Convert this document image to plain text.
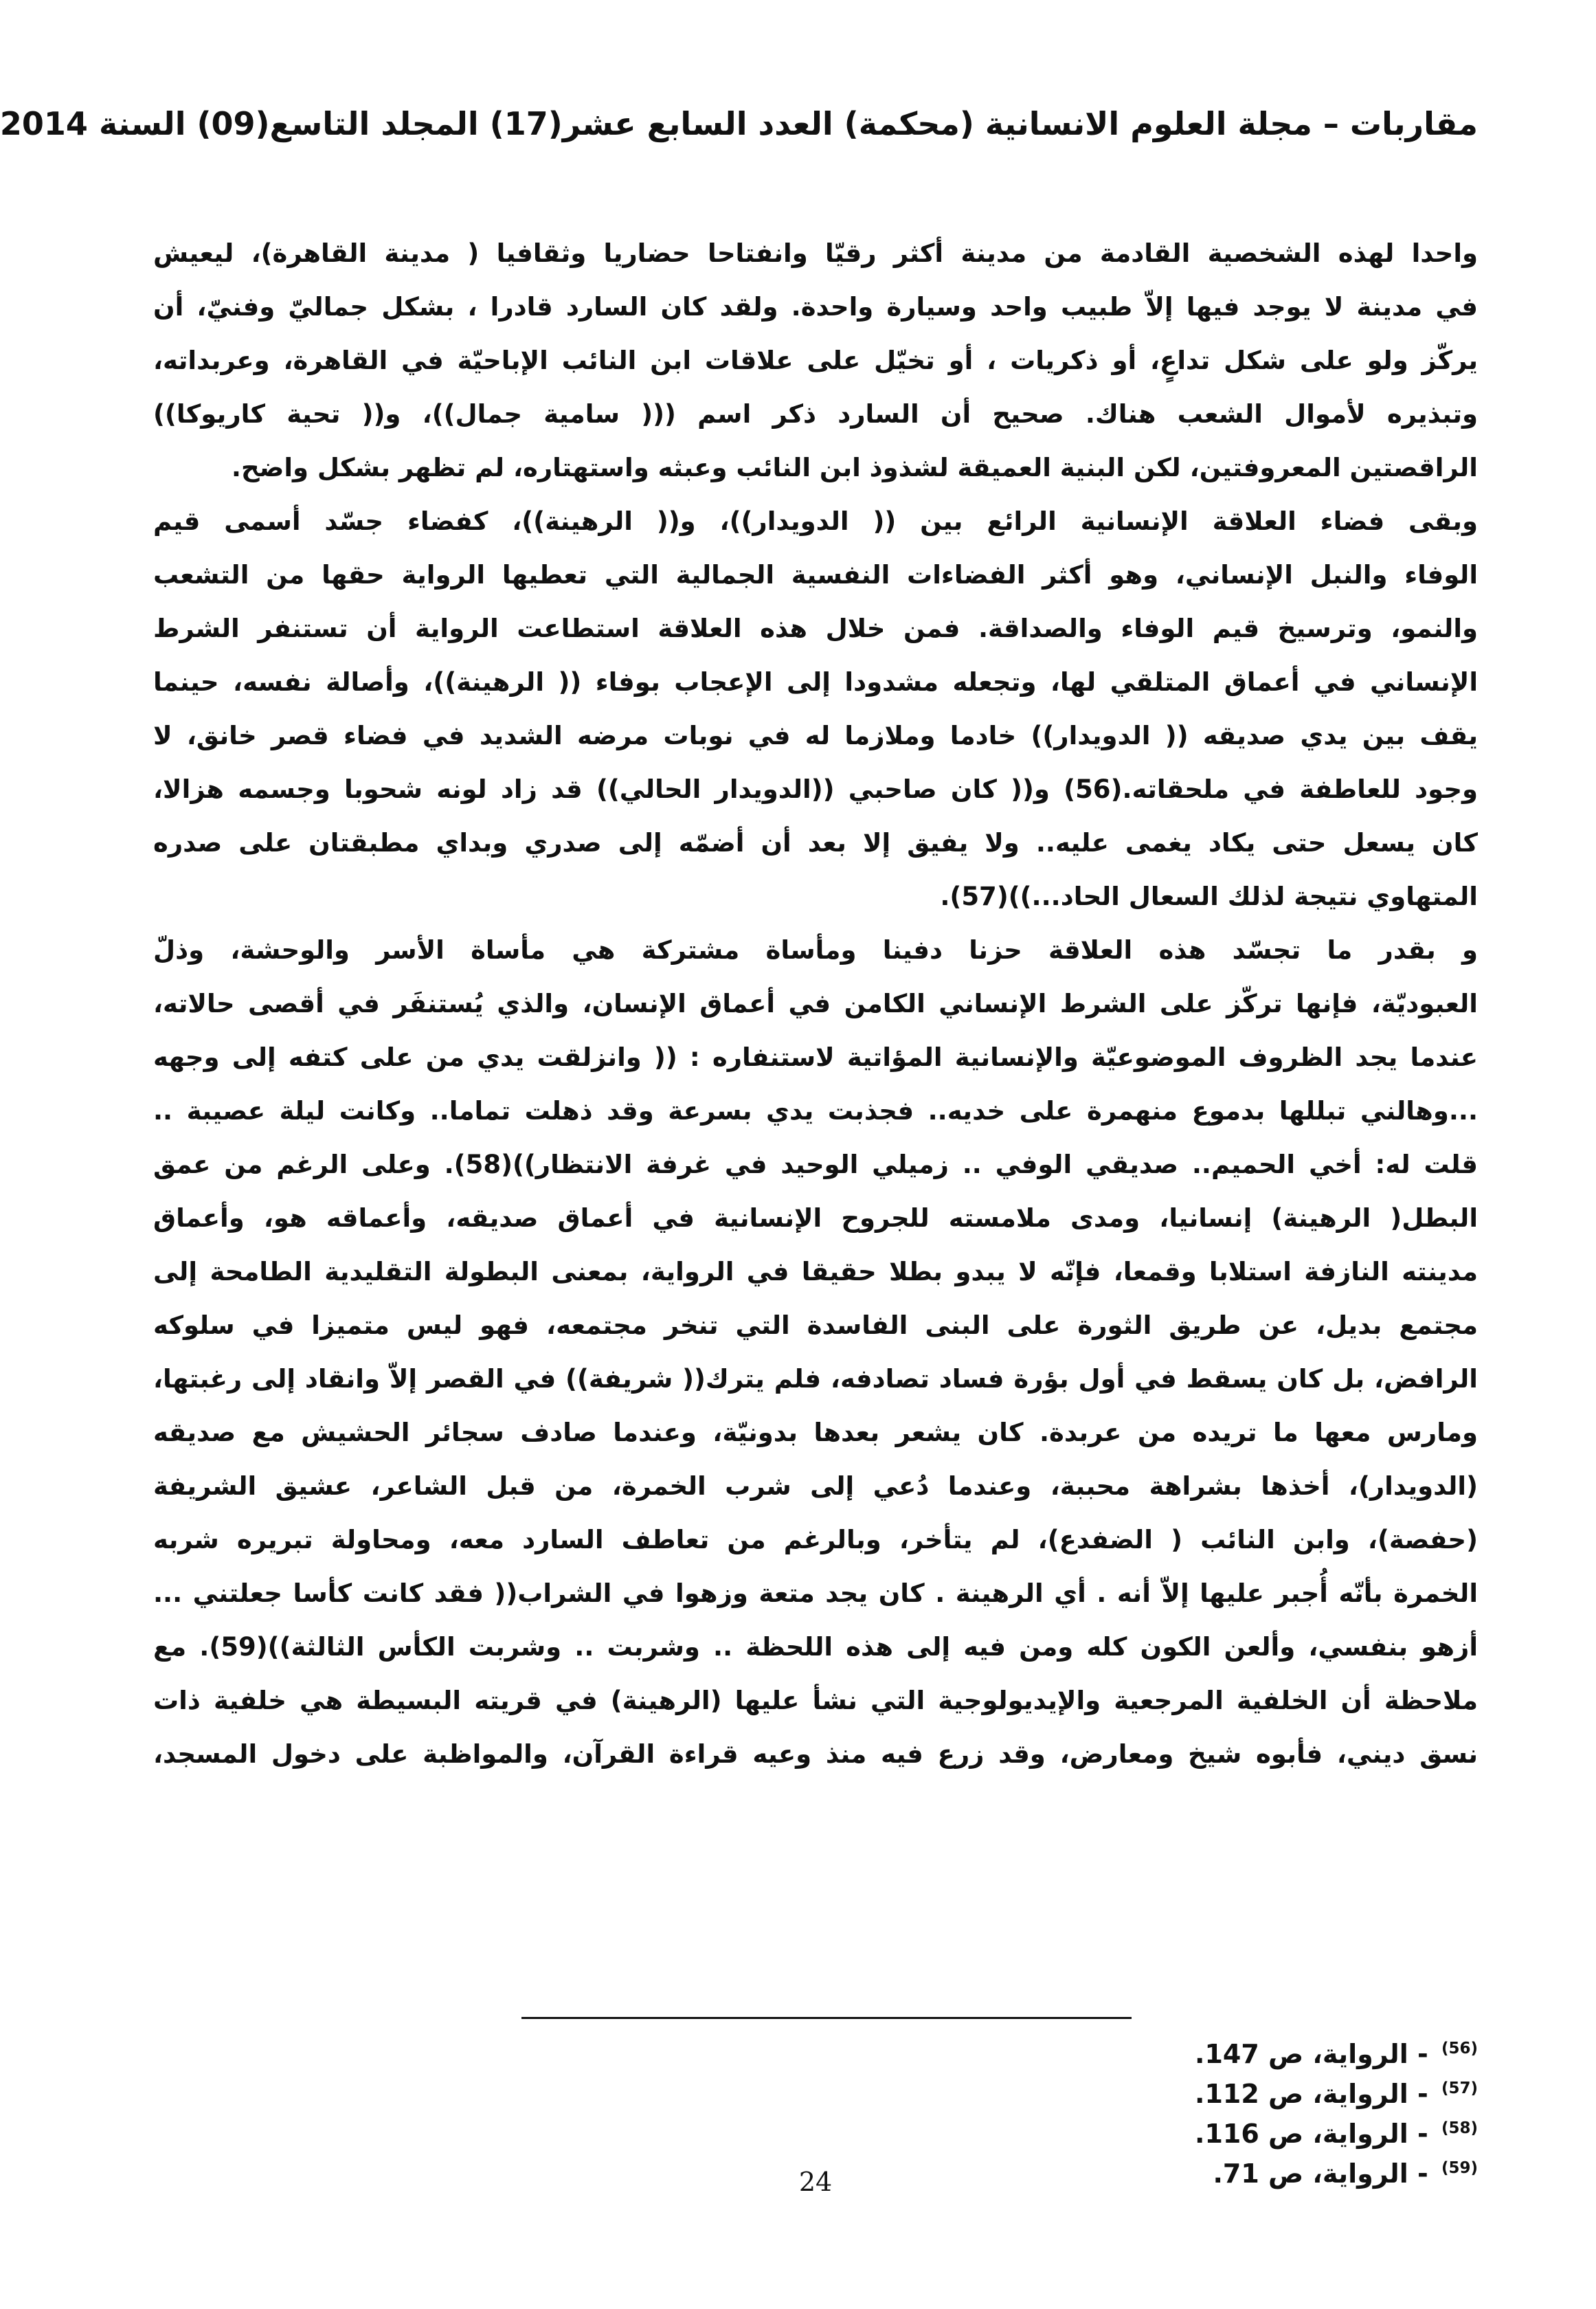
مقاربات – مجلة العلوم الانسانية (محكمة) العدد السابع عشر(17) المجلد التاسع(09) السنة 2014
واحدا لهذه الشخصية القادمة من مدينة أكثر رقيّا وانفتاحا حضاريا وثقافيا ( مدينة القاهرة)، ليعيش
في مدينة لا يوجد فيها إلاّ طبيب واحد وسيارة واحدة. ولقد كان السارد قادرا ، بشكل جماليّ وفنيّ، أن
يركّز ولو على شكل تداعٍ، أو ذكريات ، أو تخيّل على علاقات ابن النائب الإباحيّة في القاهرة، وعربداته،
وتبذيره لأموال الشعب هناك. صحيح أن السارد ذكر اسم ((( سامية جمال))، و(( تحية كاريوكا))
الراقصتين المعروفتين، لكن البنية العميقة لشذوذ ابن النائب وعبثه واستهتاره، لم تظهر بشكل واضح.
وبقى فضاء العلاقة الإنسانية الرائع بين (( الدويدار))، و(( الرهينة))، كفضاء جسّد أسمى قيم
الوفاء والنبل الإنساني، وهو أكثر الفضاءات النفسية الجمالية التي تعطيها الرواية حقها من التشعب
والنمو، وترسيخ قيم الوفاء والصداقة. فمن خلال هذه العلاقة استطاعت الرواية أن تستنفر الشرط
الإنساني في أعماق المتلقي لها، وتجعله مشدودا إلى الإعجاب بوفاء (( الرهينة))، وأصالة نفسه، حينما
يقف بين يدي صديقه (( الدويدار)) خادما وملازما له في نوبات مرضه الشديد في فضاء قصر خانق، لا
وجود للعاطفة في ملحقاته.(56) و(( كان صاحبي ((الدويدار الحالي)) قد زاد لونه شحوبا وجسمه هزالا،
كان يسعل حتى يكاد يغمى عليه.. ولا يفيق إلا بعد أن أضمّه إلى صدري وبداي مطبقتان على صدره
المتهاوي نتيجة لذلك السعال الحاد...))(57).
و بقدر ما تجسّد هذه العلاقة حزنا دفينا ومأساة مشتركة هي مأساة الأسر والوحشة، وذلّ
العبوديّة، فإنها تركّز على الشرط الإنساني الكامن في أعماق الإنسان، والذي يُستنفَر في أقصى حالاته،
عندما يجد الظروف الموضوعيّة والإنسانية المؤاتية لاستنفاره : (( وانزلقت يدي من على كتفه إلى وجهه
...وهالني تبللها بدموع منهمرة على خديه.. فجذبت يدي بسرعة وقد ذهلت تماما.. وكانت ليلة عصيبة ..
قلت له: أخي الحميم.. صديقي الوفي .. زميلي الوحيد في غرفة الانتظار))(58). وعلى الرغم من عمق
البطل( الرهينة) إنسانيا، ومدى ملامسته للجروح الإنسانية في أعماق صديقه، وأعماقه هو، وأعماق
مدينته النازفة استلابا وقمعا، فإنّه لا يبدو بطلا حقيقا في الرواية، بمعنى البطولة التقليدية الطامحة إلى
مجتمع بديل، عن طريق الثورة على البنى الفاسدة التي تنخر مجتمعه، فهو ليس متميزا في سلوكه
الرافض، بل كان يسقط في أول بؤرة فساد تصادفه، فلم يترك(( شريفة)) في القصر إلاّ وانقاد إلى رغبتها،
ومارس معها ما تريده من عربدة. كان يشعر بعدها بدونيّة، وعندما صادف سجائر الحشيش مع صديقه
(الدويدار)، أخذها بشراهة محببة، وعندما دُعي إلى شرب الخمرة، من قبل الشاعر، عشيق الشريفة
(حفصة)، وابن النائب ( الضفدع)، لم يتأخر، وبالرغم من تعاطف السارد معه، ومحاولة تبريره شربه
الخمرة بأنّه أُجبر عليها إلاّ أنه . أي الرهينة . كان يجد متعة وزهوا في الشراب(( فقد كانت كأسا جعلتني ...
أزهو بنفسي، وألعن الكون كله ومن فيه إلى هذه اللحظة .. وشربت .. وشربت الكأس الثالثة))(59). مع
ملاحظة أن الخلفية المرجعية والإيديولوجية التي نشأ عليها (الرهينة) في قريته البسيطة هي خلفية ذات
نسق ديني، فأبوه شيخ ومعارض، وقد زرع فيه منذ وعيه قراءة القرآن، والمواظبة على دخول المسجد،
$^{(56)}$ - الرواية، ص 147.
$^{(57)}$ - الرواية، ص 112.
$^{(58)}$ - الرواية، ص 116.
$^{(59)}$ - الرواية، ص 71.
24
